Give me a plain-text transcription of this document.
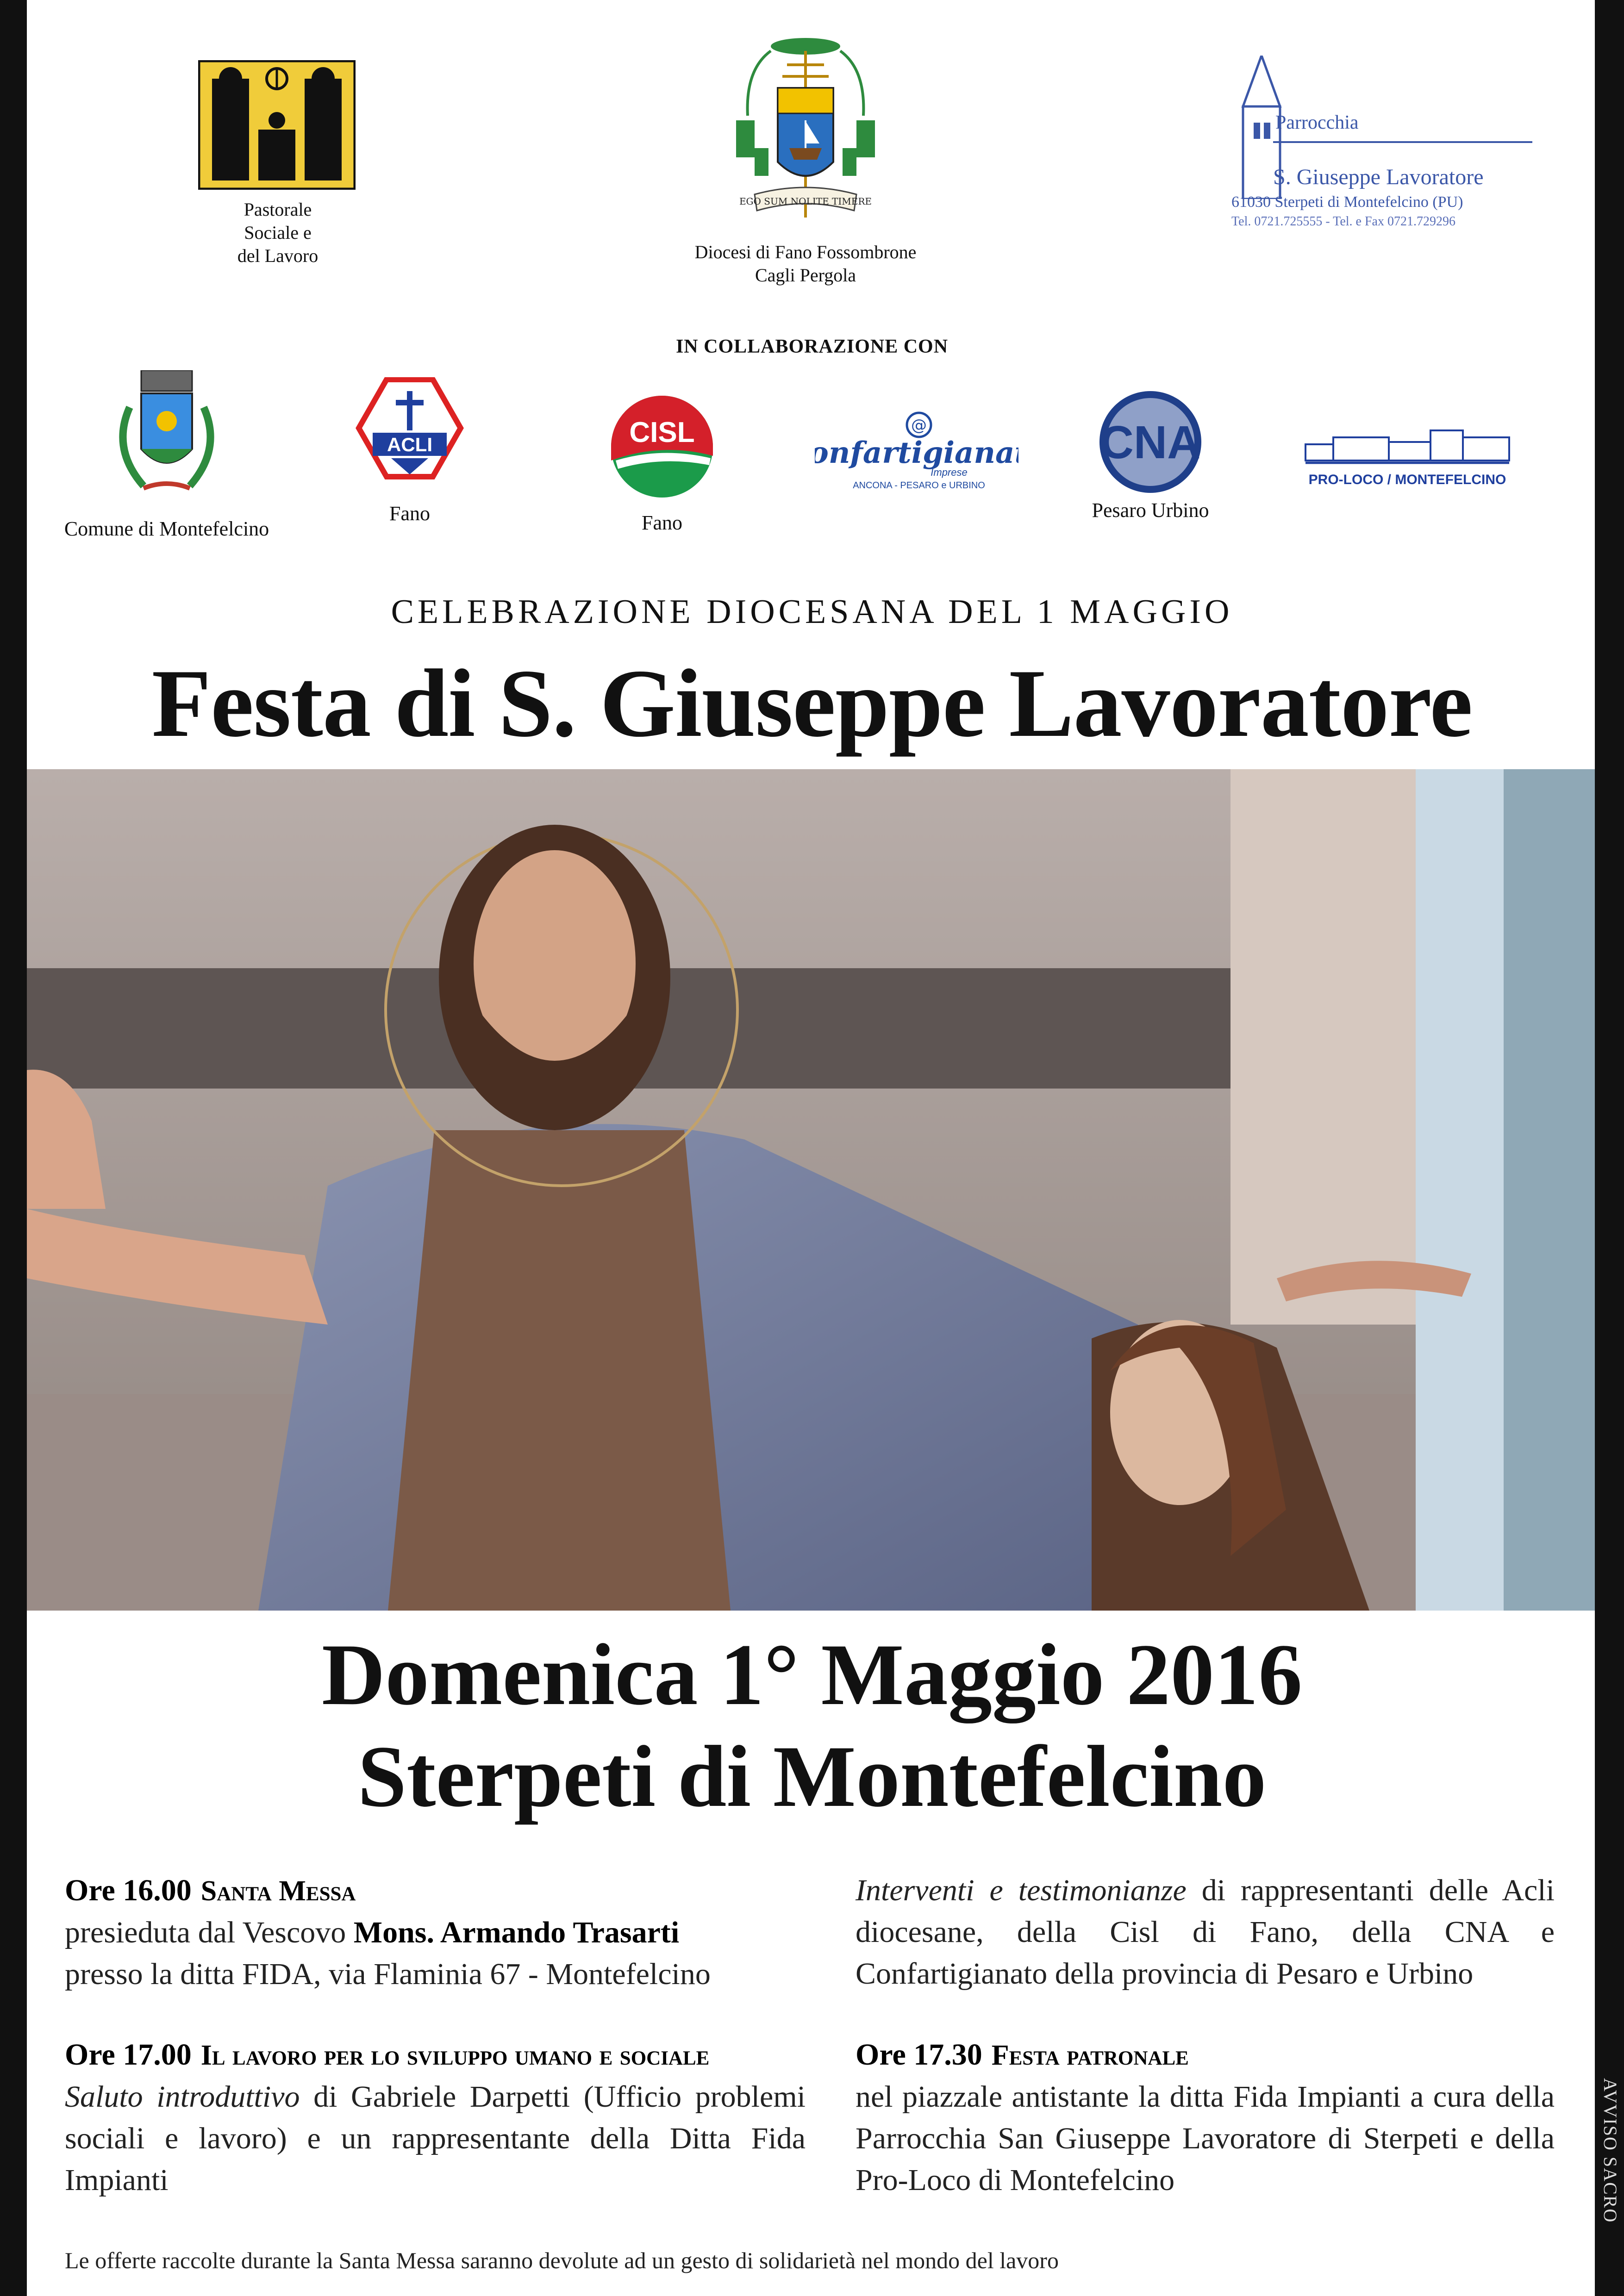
Pastorale
Sociale e
del Lavoro
EGO SUM NOLITE TIMERE
Diocesi di Fano Fossombrone
Cagli Pergola
Parrocchia
S. Giuseppe Lavoratore
61030 Sterpeti di Montefelcino (PU)
Tel. 0721.725555 - Tel. e Fax 0721.729296
IN COLLABORAZIONE CON
Comune di Montefelcino
ACLI
Fano
CISL
Fano
@
nfartigiana
Imprese
ANCONA - PESARO e URBINO
CNA
Pesaro Urbino
PRO-LOCO / MONTEFELCINO
CELEBRAZIONE DIOCESANA DEL 1 MAGGIO
Festa di S. Giuseppe Lavoratore
Domenica 1° Maggio 2016
Sterpeti di Montefelcino
Ore 16.00 Santa Messa
presieduta dal Vescovo Mons. Armando Trasarti
presso la ditta FIDA, via Flaminia 67 - Montefelcino
Ore 17.00 Il lavoro per lo sviluppo umano e sociale
Saluto introduttivo di Gabriele Darpetti (Ufficio problemi sociali e lavoro) e un rappresentante della Ditta Fida Impianti
Interventi e testimonianze di rappresentanti delle Acli diocesane, della Cisl di Fano, della CNA e Confartigianato della provincia di Pesaro e Urbino
Ore 17.30 Festa patronale
nel piazzale antistante la ditta Fida Impianti a cura della Parrocchia San Giuseppe Lavoratore di Sterpeti e della Pro-Loco di Montefelcino
Le offerte raccolte durante la Santa Messa saranno devolute ad un gesto di solidarietà nel mondo del lavoro
AVVISO SACRO
